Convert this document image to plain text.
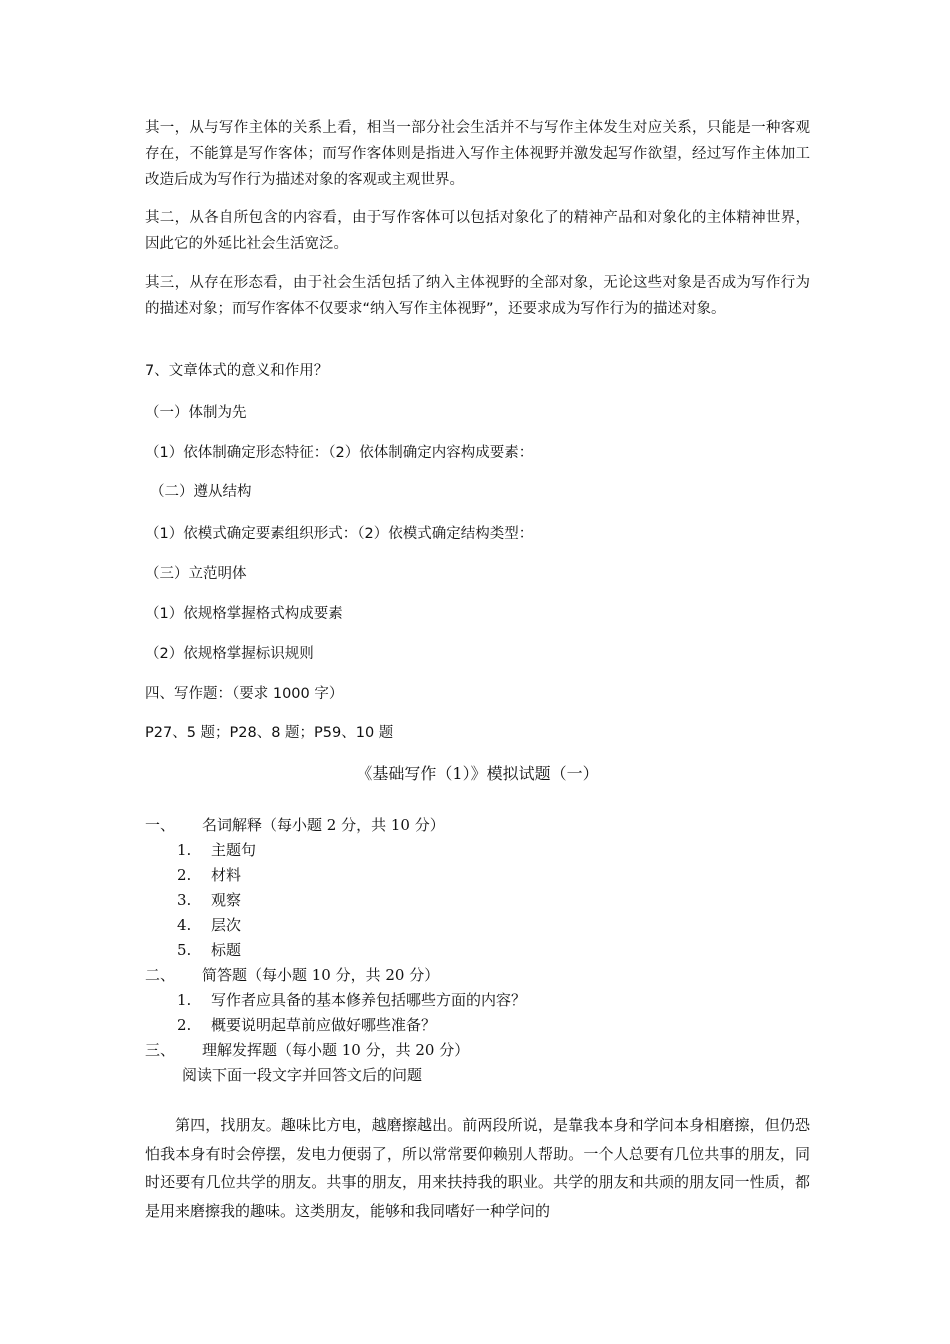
其一，从与写作主体的关系上看，相当一部分社会生活并不与写作主体发生对应关系，只能是一种客观存在，不能算是写作客体；而写作客体则是指进入写作主体视野并激发起写作欲望，经过写作主体加工改造后成为写作行为描述对象的客观或主观世界。

其二，从各自所包含的内容看，由于写作客体可以包括对象化了的精神产品和对象化的主体精神世界，因此它的外延比社会生活宽泛。

其三，从存在形态看，由于社会生活包括了纳入主体视野的全部对象，无论这些对象是否成为写作行为的描述对象；而写作客体不仅要求“纳入写作主体视野”，还要求成为写作行为的描述对象。

7、文章体式的意义和作用？
（一）体制为先
（1）依体制确定形态特征：（2）依体制确定内容构成要素：
（二）遵从结构
（1）依模式确定要素组织形式：（2）依模式确定结构类型：
（三）立范明体
（1）依规格掌握格式构成要素
（2）依规格掌握标识规则
四、写作题：（要求 1000 字）
P27、5 题；P28、8 题；P59、10 题
《基础写作（1）》模拟试题（一）
一、 名词解释（每小题 2 分，共 10 分）
1. 主题句
2. 材料
3. 观察
4. 层次
5. 标题
二、 简答题（每小题 10 分，共 20 分）
1. 写作者应具备的基本修养包括哪些方面的内容？
2. 概要说明起草前应做好哪些准备？
三、 理解发挥题（每小题 10 分，共 20 分）
阅读下面一段文字并回答文后的问题

第四，找朋友。趣味比方电，越磨擦越出。前两段所说，是靠我本身和学问本身相磨擦，但仍恐怕我本身有时会停摆，发电力便弱了，所以常常要仰赖别人帮助。一个人总要有几位共事的朋友，同时还要有几位共学的朋友。共事的朋友，用来扶持我的职业。共学的朋友和共顽的朋友同一性质，都是用来磨擦我的趣味。这类朋友，能够和我同嗜好一种学问的
